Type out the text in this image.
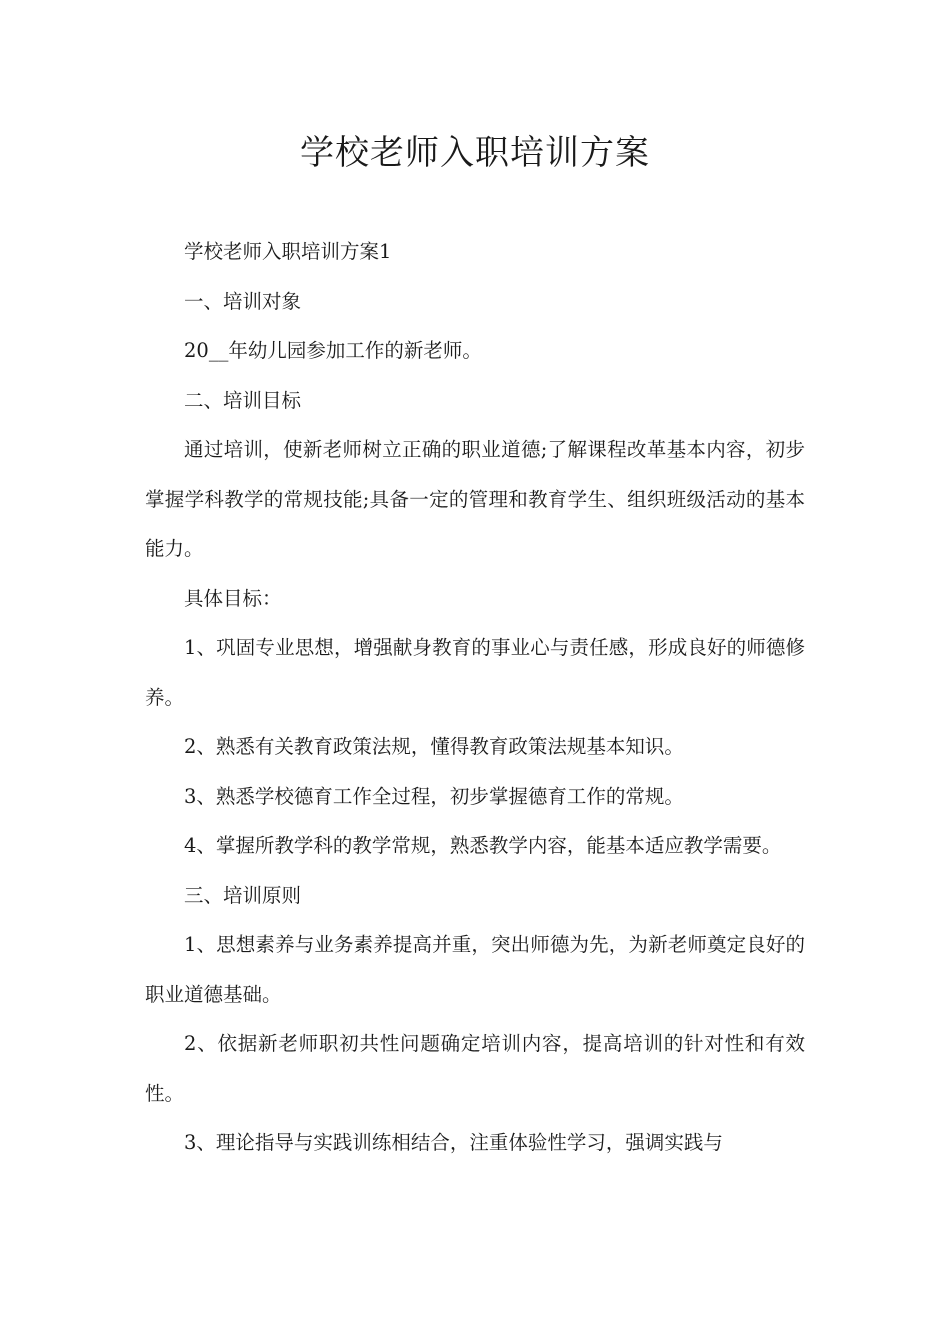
学校老师入职培训方案

学校老师入职培训方案1

一、培训对象

20__年幼儿园参加工作的新老师。

二、培训目标

通过培训，使新老师树立正确的职业道德;了解课程改革基本内容，初步掌握学科教学的常规技能;具备一定的管理和教育学生、组织班级活动的基本能力。

具体目标：

1、巩固专业思想，增强献身教育的事业心与责任感，形成良好的师德修养。

2、熟悉有关教育政策法规，懂得教育政策法规基本知识。

3、熟悉学校德育工作全过程，初步掌握德育工作的常规。

4、掌握所教学科的教学常规，熟悉教学内容，能基本适应教学需要。

三、培训原则

1、思想素养与业务素养提高并重，突出师德为先，为新老师奠定良好的职业道德基础。

2、依据新老师职初共性问题确定培训内容，提高培训的针对性和有效性。

3、理论指导与实践训练相结合，注重体验性学习，强调实践与
